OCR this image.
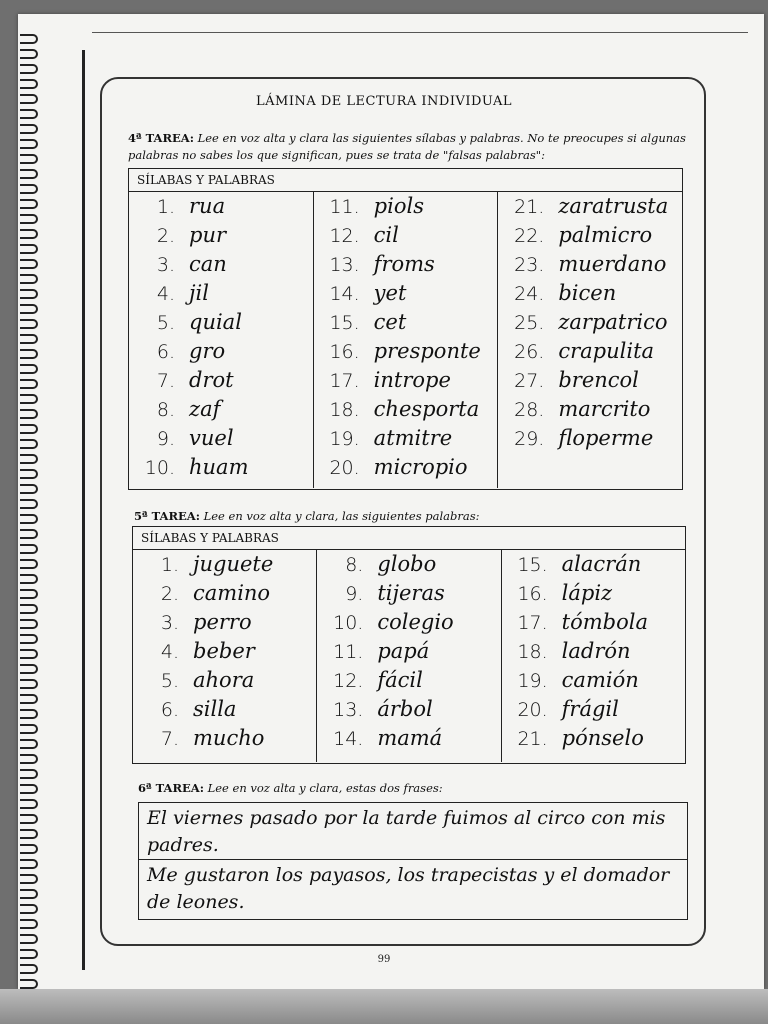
LÁMINA DE LECTURA INDIVIDUAL
4ª TAREA: Lee en voz alta y clara las siguientes sílabas y palabras. No te preocupes si algunas
palabras no sabes los que significan, pues se trata de "falsas palabras":
SÍLABAS Y PALABRAS
1. rua
2. pur
3. can
4. jil
5. quial
6. gro
7. drot
8. zaf
9. vuel
10. huam
11. piols
12. cil
13. froms
14. yet
15. cet
16. presponte
17. intrope
18. chesporta
19. atmitre
20. micropio
21. zaratrusta
22. palmicro
23. muerdano
24. bicen
25. zarpatrico
26. crapulita
27. brencol
28. marcrito
29. floperme
5ª TAREA: Lee en voz alta y clara, las siguientes palabras:
SÍLABAS Y PALABRAS
1. juguete
2. camino
3. perro
4. beber
5. ahora
6. silla
7. mucho
8. globo
9. tijeras
10. colegio
11. papá
12. fácil
13. árbol
14. mamá
15. alacrán
16. lápiz
17. tómbola
18. ladrón
19. camión
20. frágil
21. pónselo
6ª TAREA: Lee en voz alta y clara, estas dos frases:
El viernes pasado por la tarde fuimos al circo con mis padres.
Me gustaron los payasos, los trapecistas y el domador de leones.
99
